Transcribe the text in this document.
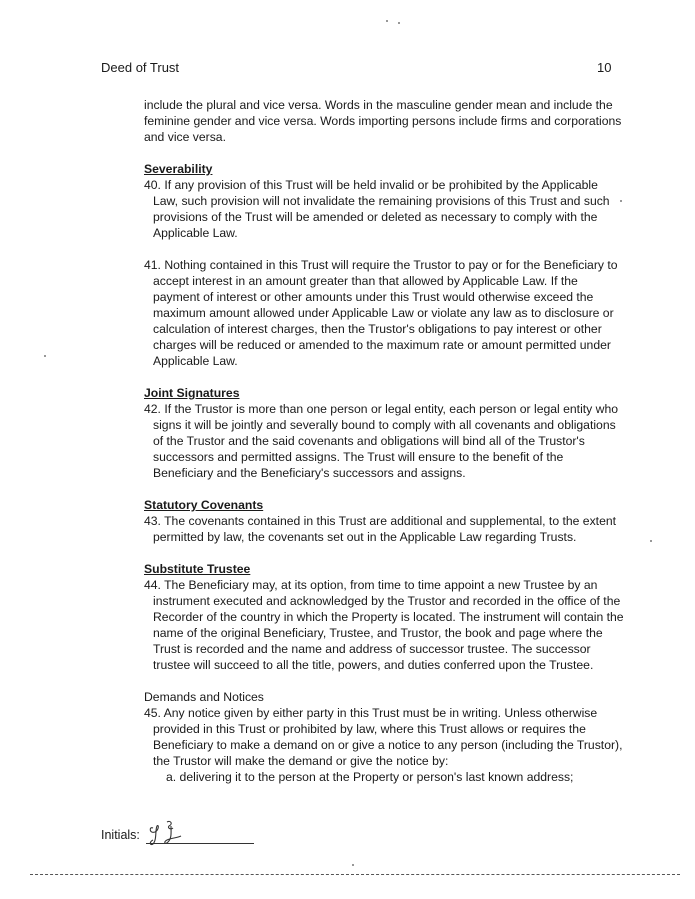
Deed of Trust	10

include the plural and vice versa. Words in the masculine gender mean and include the feminine gender and vice versa. Words importing persons include firms and corporations and vice versa.

Severability

40. If any provision of this Trust will be held invalid or be prohibited by the Applicable Law, such provision will not invalidate the remaining provisions of this Trust and such provisions of the Trust will be amended or deleted as necessary to comply with the Applicable Law.

41. Nothing contained in this Trust will require the Trustor to pay or for the Beneficiary to accept interest in an amount greater than that allowed by Applicable Law. If the payment of interest or other amounts under this Trust would otherwise exceed the maximum amount allowed under Applicable Law or violate any law as to disclosure or calculation of interest charges, then the Trustor's obligations to pay interest or other charges will be reduced or amended to the maximum rate or amount permitted under Applicable Law.

Joint Signatures

42. If the Trustor is more than one person or legal entity, each person or legal entity who signs it will be jointly and severally bound to comply with all covenants and obligations of the Trustor and the said covenants and obligations will bind all of the Trustor's successors and permitted assigns. The Trust will ensure to the benefit of the Beneficiary and the Beneficiary's successors and assigns.

Statutory Covenants

43. The covenants contained in this Trust are additional and supplemental, to the extent permitted by law, the covenants set out in the Applicable Law regarding Trusts.

Substitute Trustee

44. The Beneficiary may, at its option, from time to time appoint a new Trustee by an instrument executed and acknowledged by the Trustor and recorded in the office of the Recorder of the country in which the Property is located. The instrument will contain the name of the original Beneficiary, Trustee, and Trustor, the book and page where the Trust is recorded and the name and address of successor trustee. The successor trustee will succeed to all the title, powers, and duties conferred upon the Trustee.

Demands and Notices

45. Any notice given by either party in this Trust must be in writing. Unless otherwise provided in this Trust or prohibited by law, where this Trust allows or requires the Beneficiary to make a demand on or give a notice to any person (including the Trustor), the Trustor will make the demand or give the notice by:

a. delivering it to the person at the Property or person's last known address;

Initials:
